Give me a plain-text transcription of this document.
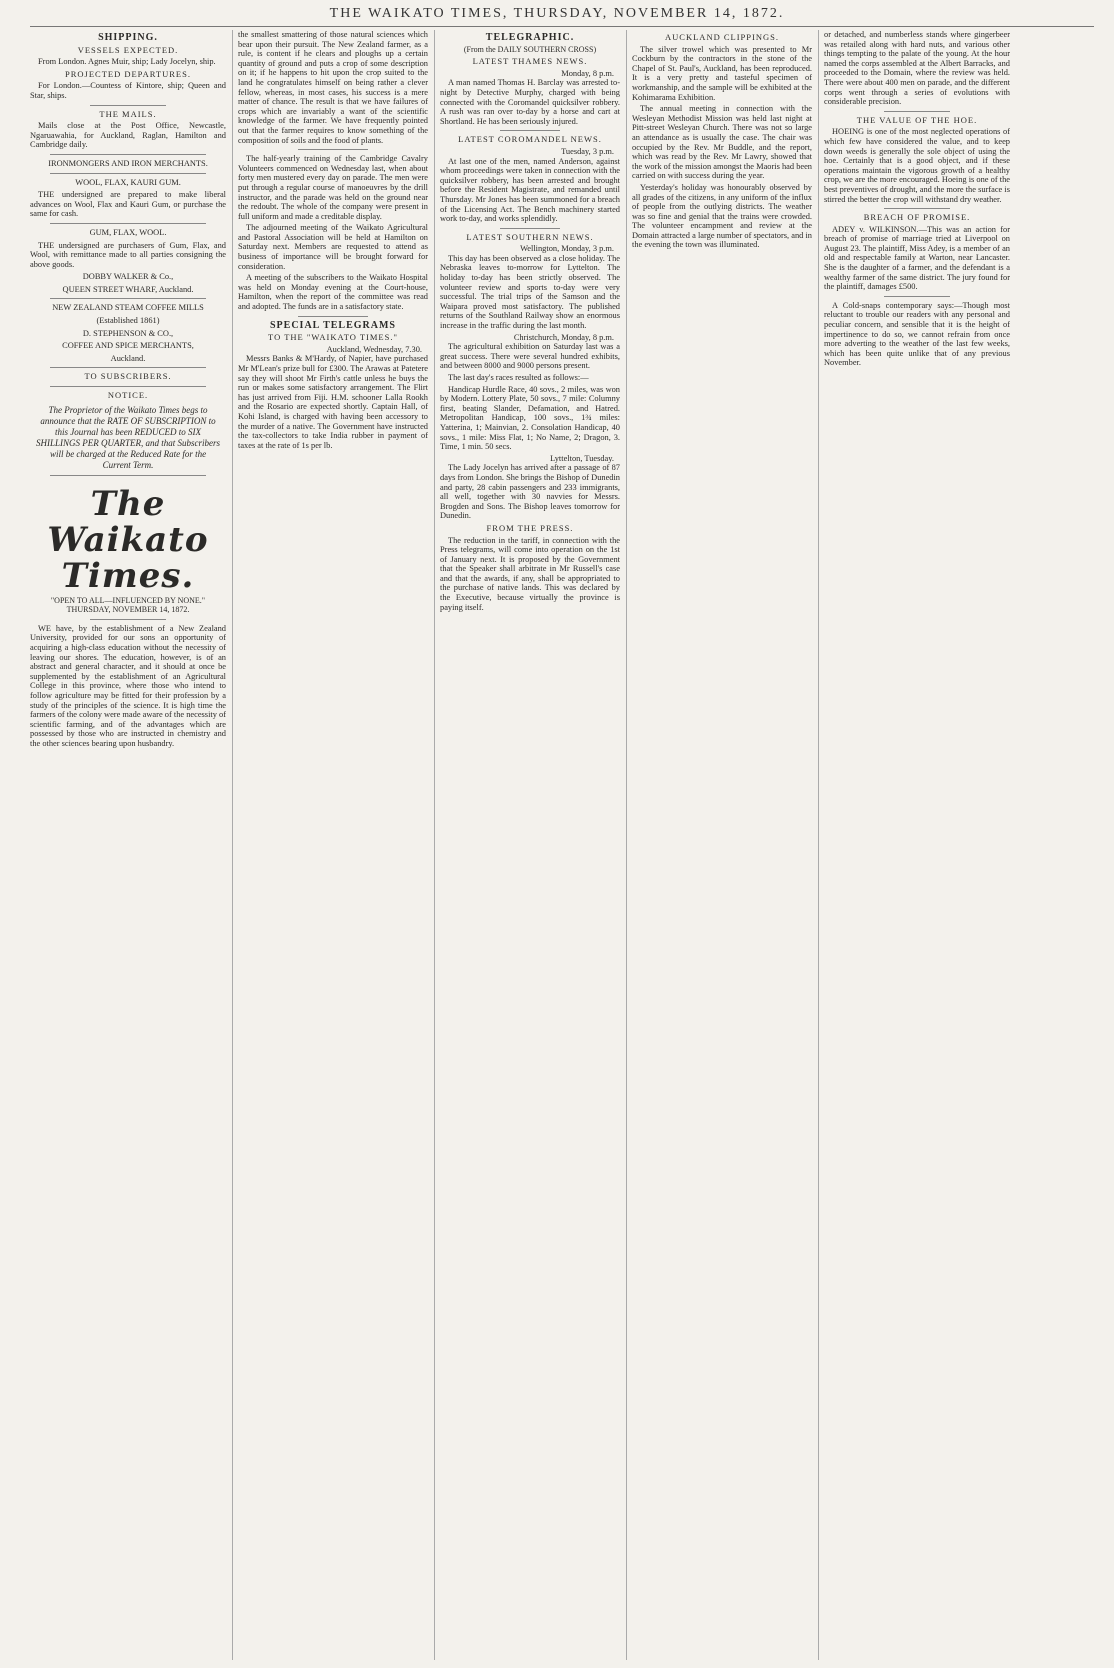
THE WAIKATO TIMES, THURSDAY, NOVEMBER 14, 1872.
SHIPPING.
VESSELS EXPECTED.

From London. Agnes Muir, ship; Lady Jocelyn, ship.

PROJECTED DEPARTURES.

For London.—Countess of Kintore, ship; Queen and Star, ships.

THE MAILS.

Mails close at the Post Office, Newcastle, Ngaruawahia, for Auckland, Raglan, Hamilton and Cambridge daily.

IRONMONGERS AND IRON MERCHANTS.
WOOL, FLAX, KAURI GUM.

THE undersigned are prepared to make liberal advances on Wool, Flax and Kauri Gum, or purchase the same for cash.

GUM, FLAX, WOOL.

THE undersigned are purchasers of Gum, Flax, and Wool, with remittance made to all parties consigning the above goods.

DOBBY WALKER & Co.,
QUEEN STREET WHARF, Auckland.
NEW ZEALAND STEAM COFFEE MILLS
(Established 1861)
D. STEPHENSON & CO.,
COFFEE AND SPICE MERCHANTS,
Auckland.
TO SUBSCRIBERS.
NOTICE.
The Proprietor of the Waikato Times begs to announce that the RATE OF SUBSCRIPTION to this Journal has been REDUCED to SIX SHILLINGS PER QUARTER, and that Subscribers will be charged at the Reduced Rate for the Current Term.
The Waikato Times.
"OPEN TO ALL—INFLUENCED BY NONE."
THURSDAY, NOVEMBER 14, 1872.

WE have, by the establishment of a New Zealand University, provided for our sons an opportunity of acquiring a high-class education without the necessity of leaving our shores. The education, however, is of an abstract and general character, and it should at once be supplemented by the establishment of an Agricultural College in this province, where those who intend to follow agriculture may be fitted for their profession by a study of the principles of the science. It is high time the farmers of the colony were made aware of the necessity of scientific farming, and of the advantages which are possessed by those who are instructed in chemistry and the other sciences bearing upon husbandry.

the smallest smattering of those natural sciences which bear upon their pursuit. The New Zealand farmer, as a rule, is content if he clears and ploughs up a certain quantity of ground and puts a crop of some description on it; if he happens to hit upon the crop suited to the land he congratulates himself on being rather a clever fellow, whereas, in most cases, his success is a mere matter of chance. The result is that we have failures of crops which are invariably a want of the scientific knowledge of the farmer. We have frequently pointed out that the farmer requires to know something of the composition of soils and the food of plants.

The half-yearly training of the Cambridge Cavalry Volunteers commenced on Wednesday last, when about forty men mustered every day on parade. The men were put through a regular course of manoeuvres by the drill instructor, and the parade was held on the ground near the redoubt. The whole of the company were present in full uniform and made a creditable display.

The adjourned meeting of the Waikato Agricultural and Pastoral Association will be held at Hamilton on Saturday next. Members are requested to attend as business of importance will be brought forward for consideration.

A meeting of the subscribers to the Waikato Hospital was held on Monday evening at the Court-house, Hamilton, when the report of the committee was read and adopted. The funds are in a satisfactory state.

SPECIAL TELEGRAMS
TO THE "WAIKATO TIMES."
Auckland, Wednesday, 7.30.

Messrs Banks & M'Hardy, of Napier, have purchased Mr M'Lean's prize bull for £300. The Arawas at Patetere say they will shoot Mr Firth's cattle unless he buys the run or makes some satisfactory arrangement. The Flirt has just arrived from Fiji. H.M. schooner Lalla Rookh and the Rosario are expected shortly. Captain Hall, of Kohi Island, is charged with having been accessory to the murder of a native. The Government have instructed the tax-collectors to take India rubber in payment of taxes at the rate of 1s per lb.

TELEGRAPHIC.
(From the DAILY SOUTHERN CROSS)
LATEST THAMES NEWS.
Monday, 8 p.m.

A man named Thomas H. Barclay was arrested to-night by Detective Murphy, charged with being connected with the Coromandel quicksilver robbery. A rush was ran over to-day by a horse and cart at Shortland. He has been seriously injured.

LATEST COROMANDEL NEWS.
Tuesday, 3 p.m.

At last one of the men, named Anderson, against whom proceedings were taken in connection with the quicksilver robbery, has been arrested and brought before the Resident Magistrate, and remanded until Thursday. Mr Jones has been summoned for a breach of the Licensing Act. The Bench machinery started work to-day, and works splendidly.

LATEST SOUTHERN NEWS.
Wellington, Monday, 3 p.m.

This day has been observed as a close holiday. The Nebraska leaves to-morrow for Lyttelton. The holiday to-day has been strictly observed. The volunteer review and sports to-day were very successful. The trial trips of the Samson and the Waipara proved most satisfactory. The published returns of the Southland Railway show an enormous increase in the traffic during the last month.

Christchurch, Monday, 8 p.m.

The agricultural exhibition on Saturday last was a great success. There were several hundred exhibits, and between 8000 and 9000 persons present.

The last day's races resulted as follows:—

Handicap Hurdle Race, 40 sovs., 2 miles, was won by Modern. Lottery Plate, 50 sovs., 7 mile: Columny first, beating Slander, Defamation, and Hatred. Metropolitan Handicap, 100 sovs., 1¾ miles: Yatterina, 1; Mainvian, 2. Consolation Handicap, 40 sovs., 1 mile: Miss Flat, 1; No Name, 2; Dragon, 3. Time, 1 min. 50 secs.

Lyttelton, Tuesday.

The Lady Jocelyn has arrived after a passage of 87 days from London. She brings the Bishop of Dunedin and party, 28 cabin passengers and 233 immigrants, all well, together with 30 navvies for Messrs. Brogden and Sons. The Bishop leaves tomorrow for Dunedin.

FROM THE PRESS.

The reduction in the tariff, in connection with the Press telegrams, will come into operation on the 1st of January next. It is proposed by the Government that the Speaker shall arbitrate in Mr Russell's case and that the awards, if any, shall be appropriated to the purchase of native lands. This was declared by the Executive, because virtually the province is paying itself.

AUCKLAND CLIPPINGS.

The silver trowel which was presented to Mr Cockburn by the contractors in the stone of the Chapel of St. Paul's, Auckland, has been reproduced. It is a very pretty and tasteful specimen of workmanship, and the sample will be exhibited at the Kohimarama Exhibition.

The annual meeting in connection with the Wesleyan Methodist Mission was held last night at Pitt-street Wesleyan Church. There was not so large an attendance as is usually the case. The chair was occupied by the Rev. Mr Buddle, and the report, which was read by the Rev. Mr Lawry, showed that the work of the mission amongst the Maoris had been carried on with success during the year.

Yesterday's holiday was honourably observed by all grades of the citizens, in any uniform of the influx of people from the outlying districts. The weather was so fine and genial that the trains were crowded. The volunteer encampment and review at the Domain attracted a large number of spectators, and in the evening the town was illuminated.

or detached, and numberless stands where gingerbeer was retailed along with hard nuts, and various other things tempting to the palate of the young. At the hour named the corps assembled at the Albert Barracks, and proceeded to the Domain, where the review was held. There were about 400 men on parade, and the different corps went through a series of evolutions with considerable precision.

THE VALUE OF THE HOE.

HOEING is one of the most neglected operations of which few have considered the value, and to keep down weeds is generally the sole object of using the hoe. Certainly that is a good object, and if these operations maintain the vigorous growth of a healthy crop, we are the more encouraged. Hoeing is one of the best preventives of drought, and the more the surface is stirred the better the crop will withstand dry weather.

BREACH OF PROMISE.

ADEY v. WILKINSON.—This was an action for breach of promise of marriage tried at Liverpool on August 23. The plaintiff, Miss Adey, is a member of an old and respectable family at Warton, near Lancaster. She is the daughter of a farmer, and the defendant is a wealthy farmer of the same district. The jury found for the plaintiff, damages £500.

A Cold-snaps contemporary says:—Though most reluctant to trouble our readers with any personal and peculiar concern, and sensible that it is the height of impertinence to do so, we cannot refrain from once more adverting to the weather of the last few weeks, which has been quite unlike that of any previous November.
